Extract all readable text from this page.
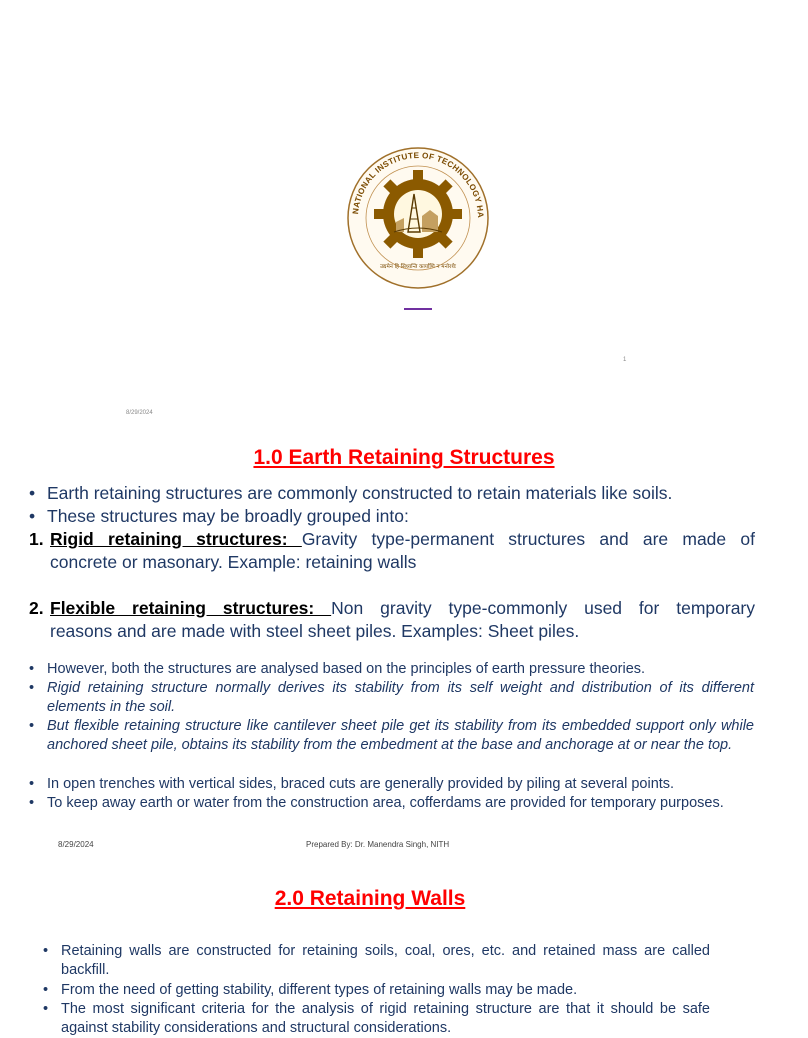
NATIONAL INSTITUTE OF TECHNOLOGY HA
उद्यमेन हि सिध्यन्ति कार्याणि न मनोरथैः
1
8/29/2024
1.0 Earth Retaining Structures
• Earth retaining structures are commonly constructed to retain materials like soils.
• These structures may be broadly grouped into:
1. Rigid retaining structures: Gravity type-permanent structures and are made of
concrete or masonary. Example: retaining walls
2. Flexible retaining structures: Non gravity type-commonly used for temporary
reasons and are made with steel sheet piles. Examples: Sheet piles.
• However, both the structures are analysed based on the principles of earth pressure theories.
• Rigid retaining structure normally derives its stability from its self weight and distribution of its different elements in the soil.
• But flexible retaining structure like cantilever sheet pile get its stability from its embedded support only while anchored sheet pile, obtains its stability from the embedment at the base and anchorage at or near the top.
• In open trenches with vertical sides, braced cuts are generally provided by piling at several points.
• To keep away earth or water from the construction area, cofferdams are provided for temporary purposes.
8/29/2024	Prepared By: Dr. Manendra Singh, NITH
2.0 Retaining Walls
• Retaining walls are constructed for retaining soils, coal, ores, etc. and retained mass are called backfill.
• From the need of getting stability, different types of retaining walls may be made.
• The most significant criteria for the analysis of rigid retaining structure are that it should be safe against stability considerations and structural considerations.
